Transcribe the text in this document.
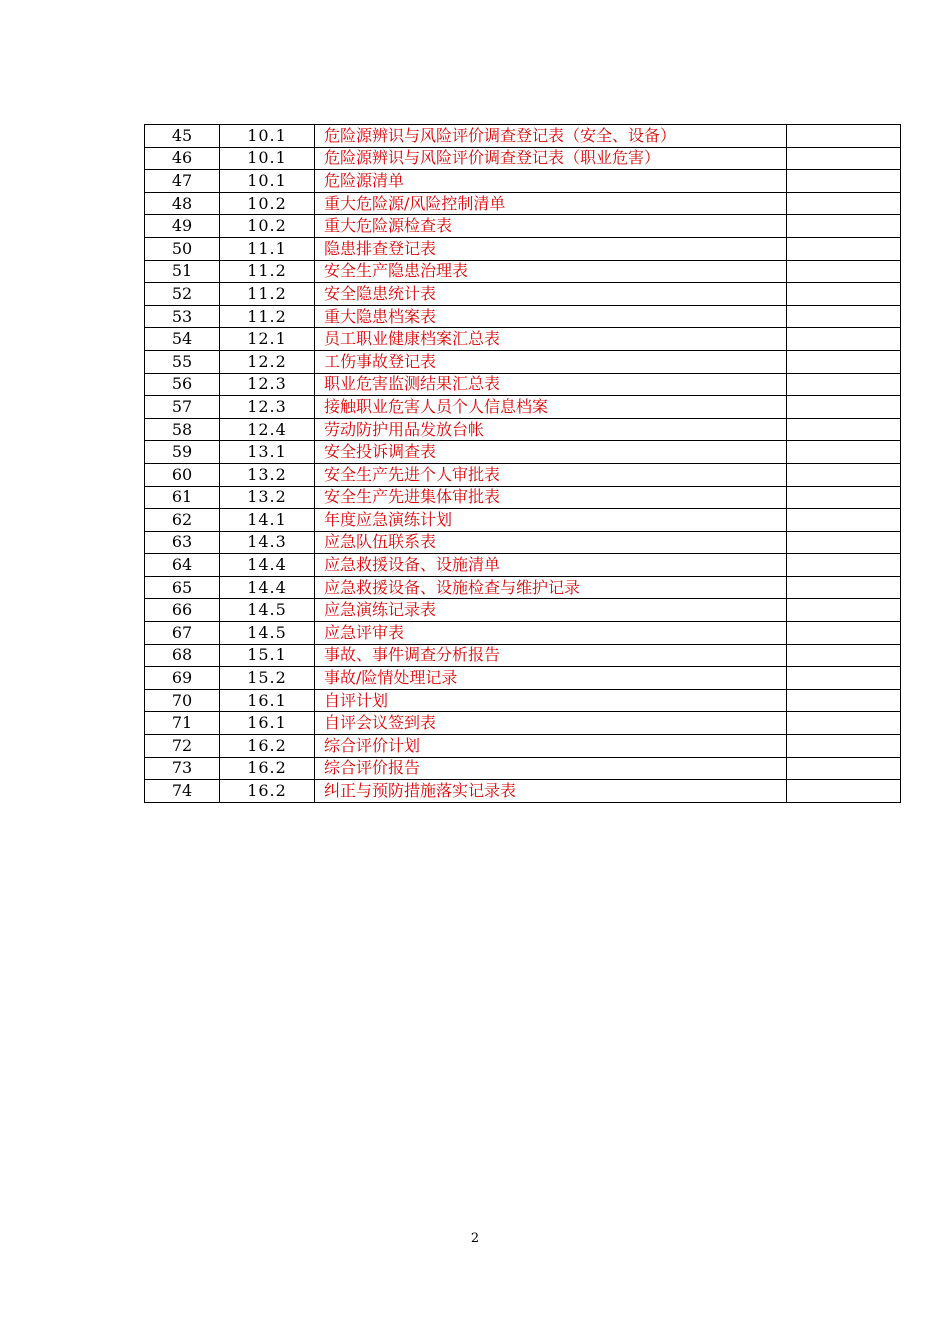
45	10.1	危险源辨识与风险评价调查登记表（安全、设备）	
46	10.1	危险源辨识与风险评价调查登记表（职业危害）	
47	10.1	危险源清单	
48	10.2	重大危险源/风险控制清单	
49	10.2	重大危险源检查表	
50	11.1	隐患排查登记表	
51	11.2	安全生产隐患治理表	
52	11.2	安全隐患统计表	
53	11.2	重大隐患档案表	
54	12.1	员工职业健康档案汇总表	
55	12.2	工伤事故登记表	
56	12.3	职业危害监测结果汇总表	
57	12.3	接触职业危害人员个人信息档案	
58	12.4	劳动防护用品发放台帐	
59	13.1	安全投诉调查表	
60	13.2	安全生产先进个人审批表	
61	13.2	安全生产先进集体审批表	
62	14.1	年度应急演练计划	
63	14.3	应急队伍联系表	
64	14.4	应急救援设备、设施清单	
65	14.4	应急救援设备、设施检查与维护记录	
66	14.5	应急演练记录表	
67	14.5	应急评审表	
68	15.1	事故、事件调查分析报告	
69	15.2	事故/险情处理记录	
70	16.1	自评计划	
71	16.1	自评会议签到表	
72	16.2	综合评价计划	
73	16.2	综合评价报告	
74	16.2	纠正与预防措施落实记录表	
2
